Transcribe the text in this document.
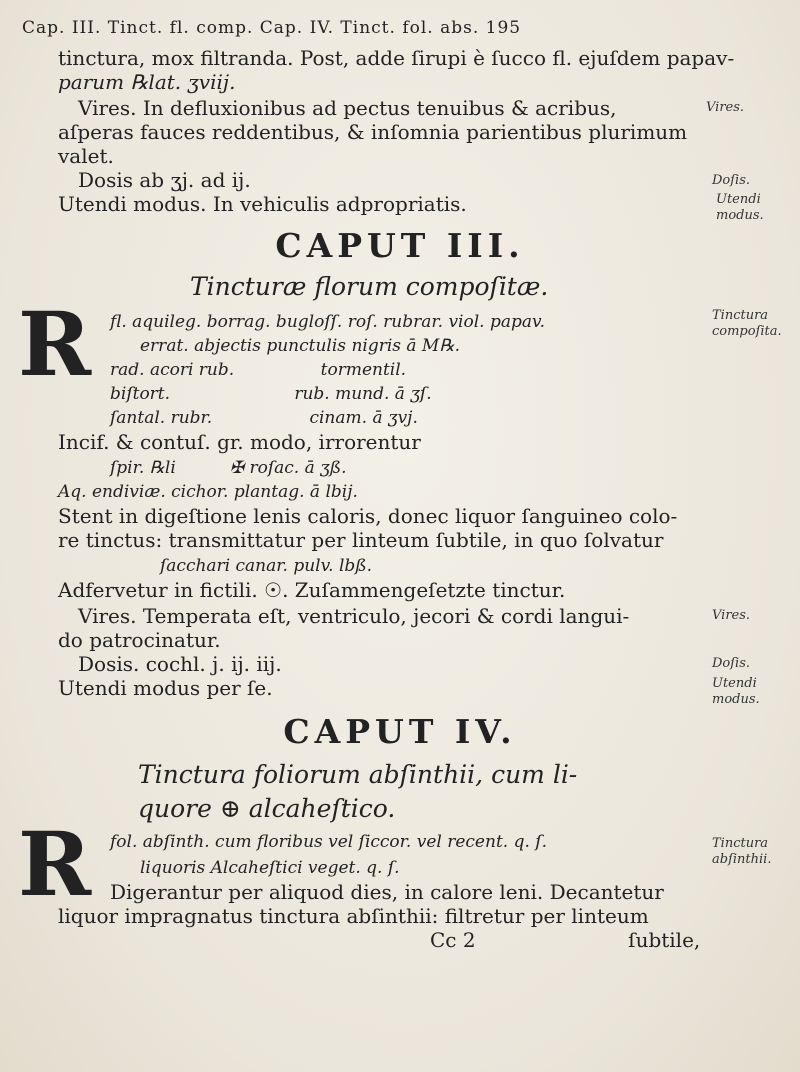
Cap. III. Tinct. fl. comp. Cap. IV. Tinct. fol. abs. 195
tinctura, mox filtranda. Post, adde ſirupi è ſucco fl. ejuſdem papav-
parum ℞lat. ʒviij.
Vires. In defluxionibus ad pectus tenuibus & acribus,	Vires.
aſperas fauces reddentibus, & inſomnia parientibus plurimum
valet.
Dosis ab ʒj. ad ij.	Doſis.
Utendi modus. In vehiculis adpropriatis.	Utendi
modus.
CAPUT III.
Tincturæ florum compoſitæ.
R fl. aquileg. borrag. bugloſſ. roſ. rubrar. viol. papav.	Tinctura
compoſita.
errat. abjectis punctulis nigris ā M℞.
rad. acori rub.                tormentil.
biſtort.                       rub. mund. ā ʒſ.
ſantal. rubr.                  cinam. ā ʒvj.
Incif. & contuſ. gr. modo, irrorentur
ſpir. ℞li          ✠ roſac. ā ʒß.
Aq. endiviæ. cichor. plantag. ā lbij.
Stent in digeſtione lenis caloris, donec liquor ſanguineo colo-
re tinctus: transmittatur per linteum ſubtile, in quo ſolvatur
ſacchari canar. pulv. lbß.
Adfervetur in fictili. ☉. Zuſammengeſetzte tinctur.
Vires. Temperata eſt, ventriculo, jecori & cordi langui-	Vires.
do patrocinatur.
Dosis. cochl. j. ij. iij.	Doſis.
Utendi modus per ſe.	Utendi
modus.
CAPUT IV.
Tinctura foliorum abſinthii, cum li-
quore ⊕ alcaheſtico.
R fol. abſinth. cum floribus vel ſiccor. vel recent. q. ſ.	Tinctura
abſinthii.
liquoris Alcaheſtici veget. q. ſ.
Digerantur per aliquod dies, in calore leni. Decantetur
liquor impragnatus tinctura abſinthii: filtretur per linteum
Cc 2                        ſubtile,
